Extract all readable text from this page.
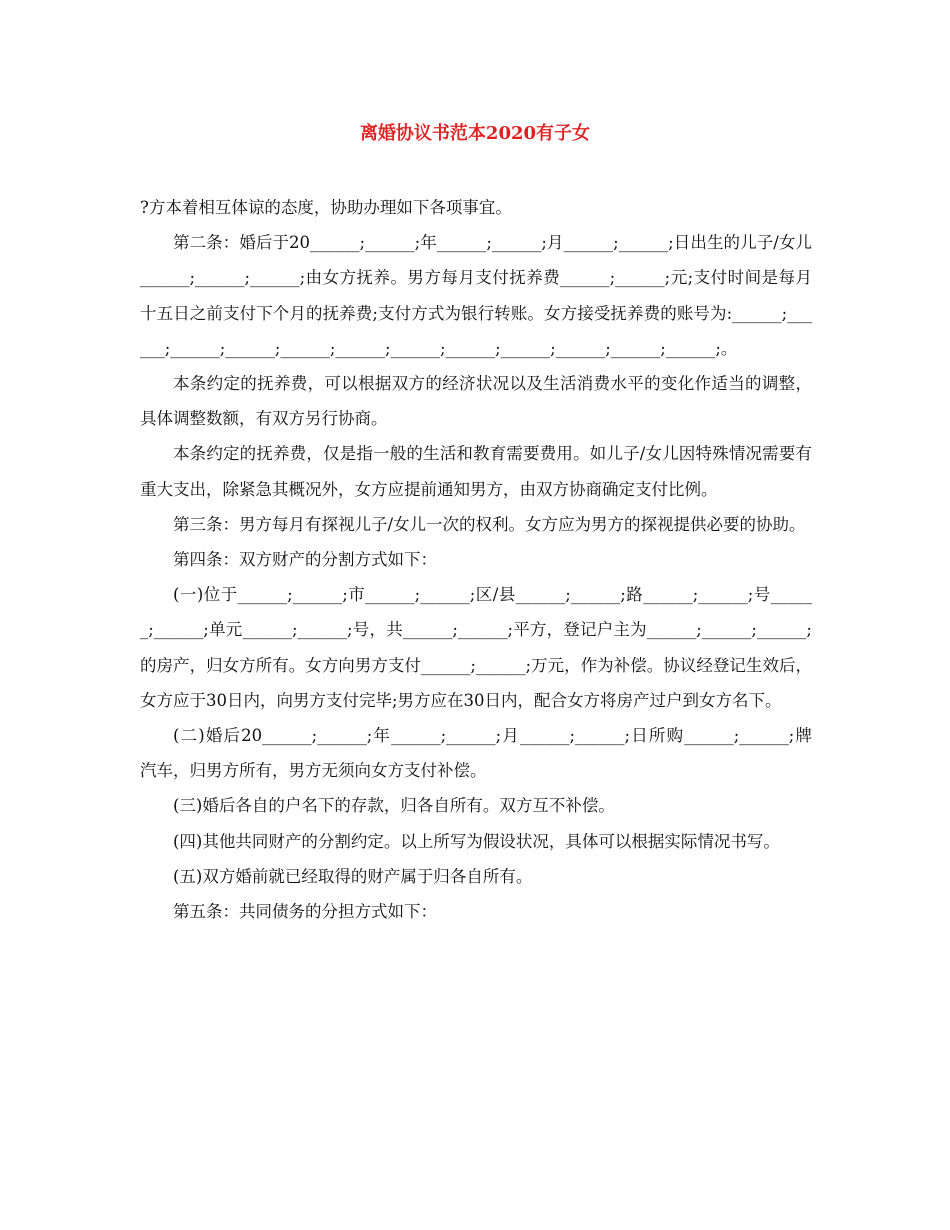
离婚协议书范本2020有子女

?方本着相互体谅的态度，协助办理如下各项事宜。

第二条：婚后于20______;______;年______;______;月______;______;日出生的儿子/女儿______;______;______;由女方抚养。男方每月支付抚养费______;______;元;支付时间是每月十五日之前支付下个月的抚养费;支付方式为银行转账。女方接受抚养费的账号为:______;______;______;______;______;______;______;______;______;______;______;______;。

本条约定的抚养费，可以根据双方的经济状况以及生活消费水平的变化作适当的调整，具体调整数额，有双方另行协商。

本条约定的抚养费，仅是指一般的生活和教育需要费用。如儿子/女儿因特殊情况需要有重大支出，除紧急其概况外，女方应提前通知男方，由双方协商确定支付比例。

第三条：男方每月有探视儿子/女儿一次的权利。女方应为男方的探视提供必要的协助。

第四条：双方财产的分割方式如下：

(一)位于______;______;市______;______;区/县______;______;路______;______;号______;______;单元______;______;号，共______;______;平方，登记户主为______;______;______;的房产，归女方所有。女方向男方支付______;______;万元，作为补偿。协议经登记生效后，女方应于30日内，向男方支付完毕;男方应在30日内，配合女方将房产过户到女方名下。

(二)婚后20______;______;年______;______;月______;______;日所购______;______;牌汽车，归男方所有，男方无须向女方支付补偿。

(三)婚后各自的户名下的存款，归各自所有。双方互不补偿。

(四)其他共同财产的分割约定。以上所写为假设状况，具体可以根据实际情况书写。

(五)双方婚前就已经取得的财产属于归各自所有。

第五条：共同债务的分担方式如下：
